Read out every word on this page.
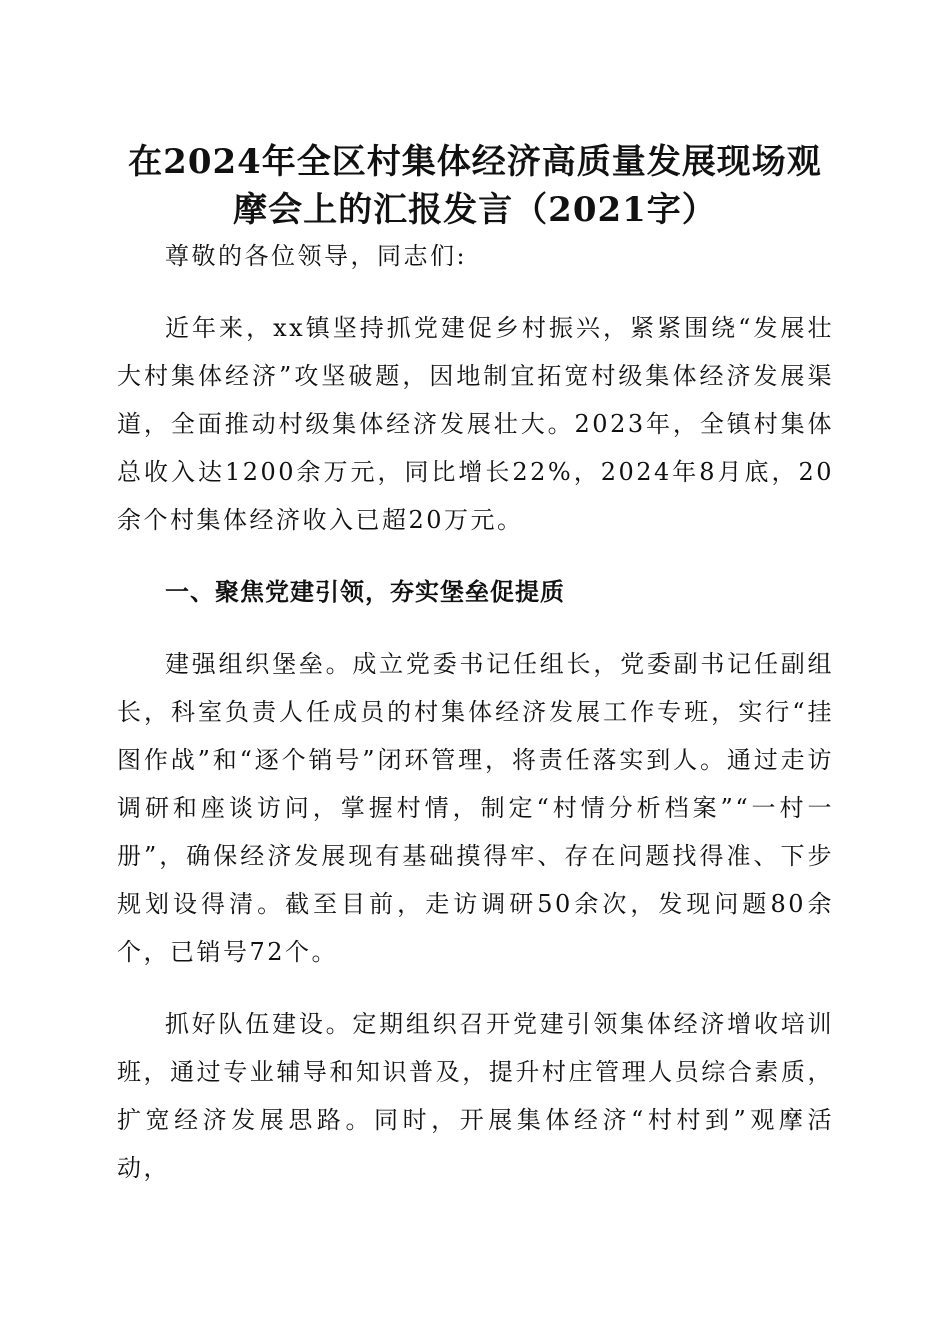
在2024年全区村集体经济高质量发展现场观
摩会上的汇报发言（2021字）

尊敬的各位领导，同志们:

近年来，xx镇坚持抓党建促乡村振兴，紧紧围绕“发展壮大村集体经济”攻坚破题，因地制宜拓宽村级集体经济发展渠道，全面推动村级集体经济发展壮大。2023年，全镇村集体总收入达1200余万元，同比增长22%，2024年8月底，20余个村集体经济收入已超20万元。

一、聚焦党建引领，夯实堡垒促提质

建强组织堡垒。成立党委书记任组长，党委副书记任副组长，科室负责人任成员的村集体经济发展工作专班，实行“挂图作战”和“逐个销号”闭环管理，将责任落实到人。通过走访调研和座谈访问，掌握村情，制定“村情分析档案”“一村一册”，确保经济发展现有基础摸得牢、存在问题找得准、下步规划设得清。截至目前，走访调研50余次，发现问题80余个，已销号72个。

抓好队伍建设。定期组织召开党建引领集体经济增收培训班，通过专业辅导和知识普及，提升村庄管理人员综合素质，扩宽经济发展思路。同时，开展集体经济“村村到”观摩活动，
